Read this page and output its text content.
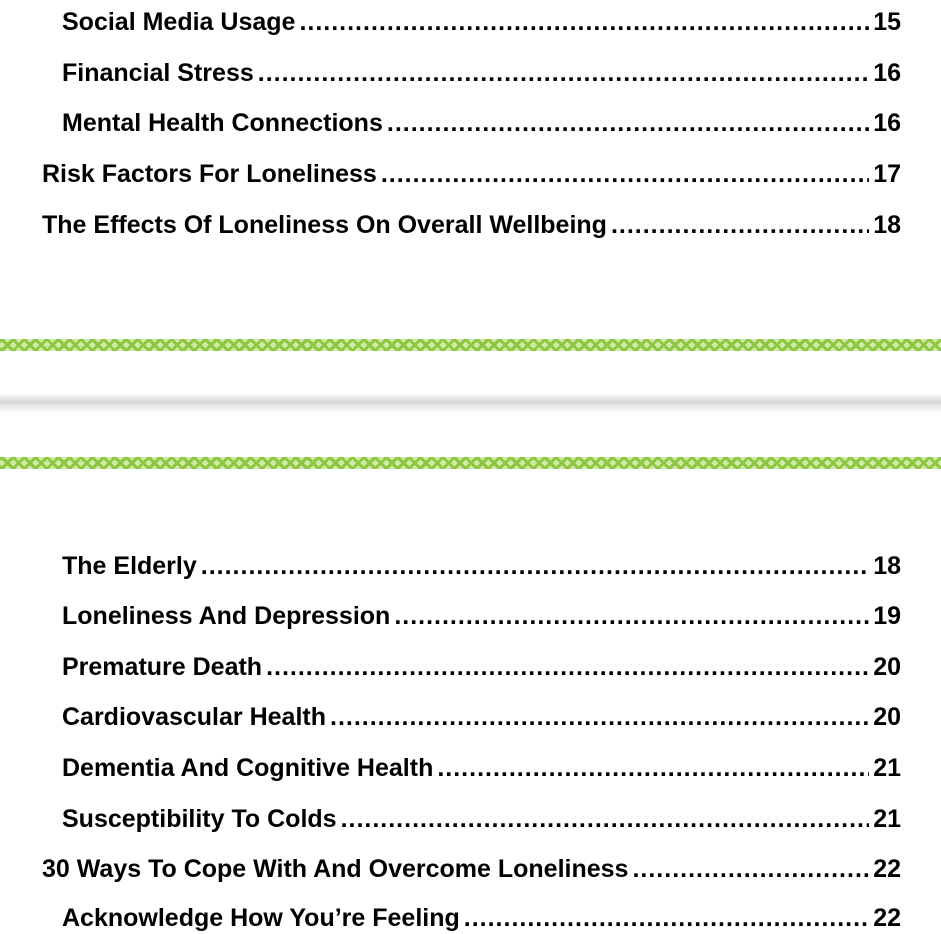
Social Media Usage .....	15
Financial Stress .....	16
Mental Health Connections .....	16
Risk Factors For Loneliness .....	17
The Effects Of Loneliness On Overall Wellbeing .....	18
The Elderly .....	18
Loneliness And Depression .....	19
Premature Death .....	20
Cardiovascular Health .....	20
Dementia And Cognitive Health .....	21
Susceptibility To Colds .....	21
30 Ways To Cope With And Overcome Loneliness .....	22
Acknowledge How You’re Feeling .....	22
